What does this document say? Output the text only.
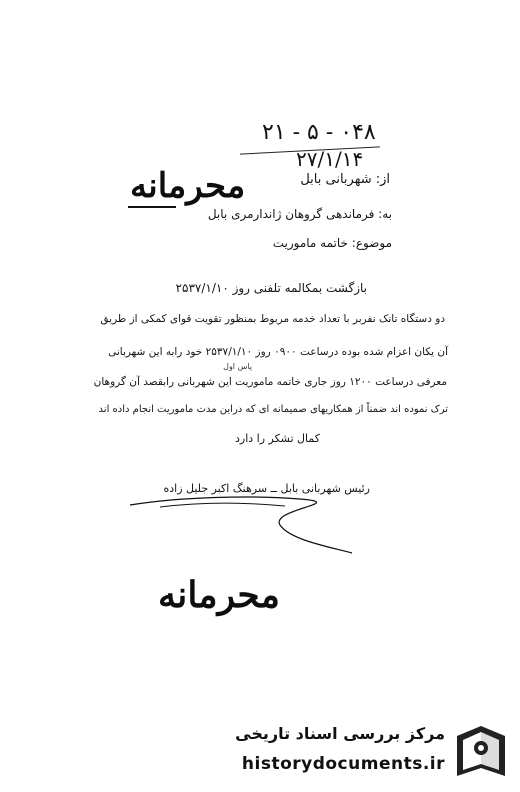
۲۱ - ۵ - ۰۴۸
۲۷/۱/۱۴
محرمانه	از: شهربانی بابل
به: فرماندهی گروهان ژاندارمری بابل
موضوع: خاتمه ماموریت
بازگشت بمکالمه تلفنی روز ۲۵۳۷/۱/۱۰
دو دستگاه تانک نفربر با تعداد خدمه مربوط بمنظور تقویت قوای کمکی از طریق
آن یکان اعزام شده بوده درساعت ۰۹۰۰ روز ۲۵۳۷/۱/۱۰ خود رابه این شهربانی
پاس اول
معرفی درساعت ۱۲۰۰ روز جاری خاتمه ماموریت این شهربانی رابقصد آن گروهان
ترک نموده اند ضمناً از همکاریهای صمیمانه ای که دراین مدت ماموریت انجام داده اند
کمال تشکر را دارد
رئیس شهربانی بابل ــ سرهنگ اکبر جلیل زاده
محرمانه
مرکز بررسی اسناد تاریخی
historydocuments.ir
